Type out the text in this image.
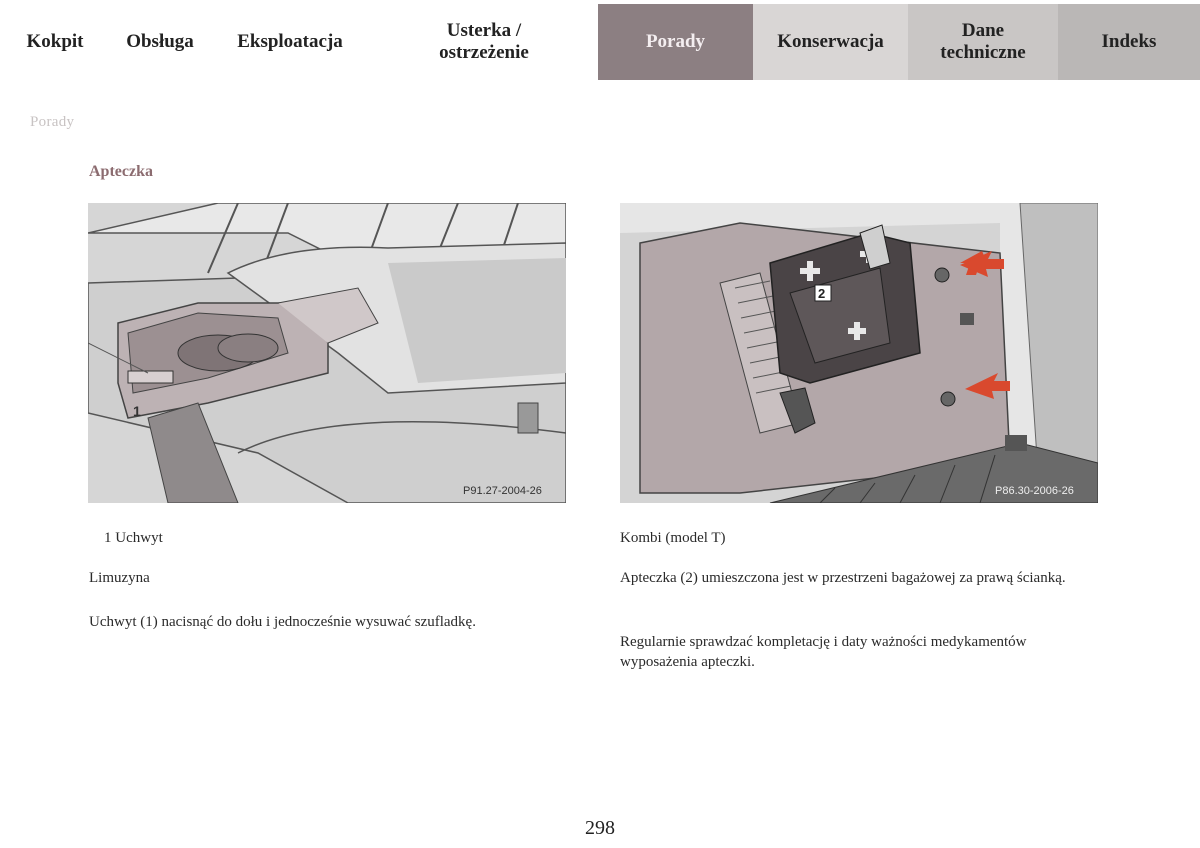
Kokpit Obsługa Eksploatacja
Usterka /
ostrzeżenie
Porady	Konserwacja
Dane
techniczne
Indeks
Porady
Apteczka
1
P91.27-2004-26
2
P86.30-2006-26
1 Uchwyt
Limuzyna
Uchwyt (1) nacisnąć do dołu i jednocześnie wysuwać szufladkę.
Kombi (model T)
Apteczka (2) umieszczona jest w przestrzeni bagażowej za prawą ścianką.
Regularnie sprawdzać kompletację i daty ważności medykamentów wyposażenia apteczki.
298
